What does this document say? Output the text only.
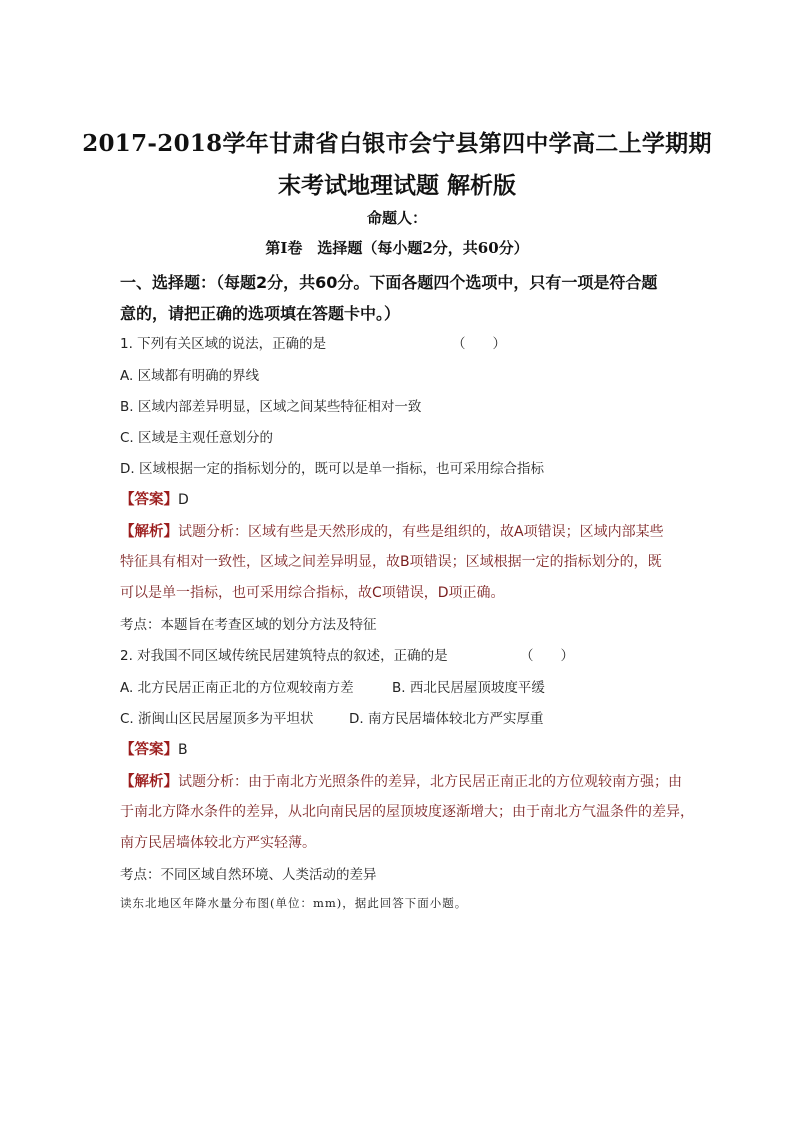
2017-2018学年甘肃省白银市会宁县第四中学高二上学期期
末考试地理试题 解析版
命题人：
第Ⅰ卷　选择题（每小题2分，共60分）
一、选择题：（每题2分，共60分。下面各题四个选项中，只有一项是符合题
意的，请把正确的选项填在答题卡中。）
1. 下列有关区域的说法，正确的是	（　　）
A. 区域都有明确的界线
B. 区域内部差异明显，区域之间某些特征相对一致
C. 区域是主观任意划分的
D. 区域根据一定的指标划分的，既可以是单一指标，也可采用综合指标
【答案】D
【解析】试题分析：区域有些是天然形成的，有些是组织的，故A项错误；区域内部某些
特征具有相对一致性，区域之间差异明显，故B项错误；区域根据一定的指标划分的，既
可以是单一指标，也可采用综合指标，故C项错误，D项正确。
考点：本题旨在考查区域的划分方法及特征
2. 对我国不同区域传统民居建筑特点的叙述，正确的是	（　　）
A. 北方民居正南正北的方位观较南方差	B. 西北民居屋顶坡度平缓
C. 浙闽山区民居屋顶多为平坦状	D. 南方民居墙体较北方严实厚重
【答案】B
【解析】试题分析：由于南北方光照条件的差异，北方民居正南正北的方位观较南方强；由
于南北方降水条件的差异，从北向南民居的屋顶坡度逐渐增大；由于南北方气温条件的差异，
南方民居墙体较北方严实轻薄。
考点：不同区域自然环境、人类活动的差异
读东北地区年降水量分布图(单位：mm)，据此回答下面小题。
